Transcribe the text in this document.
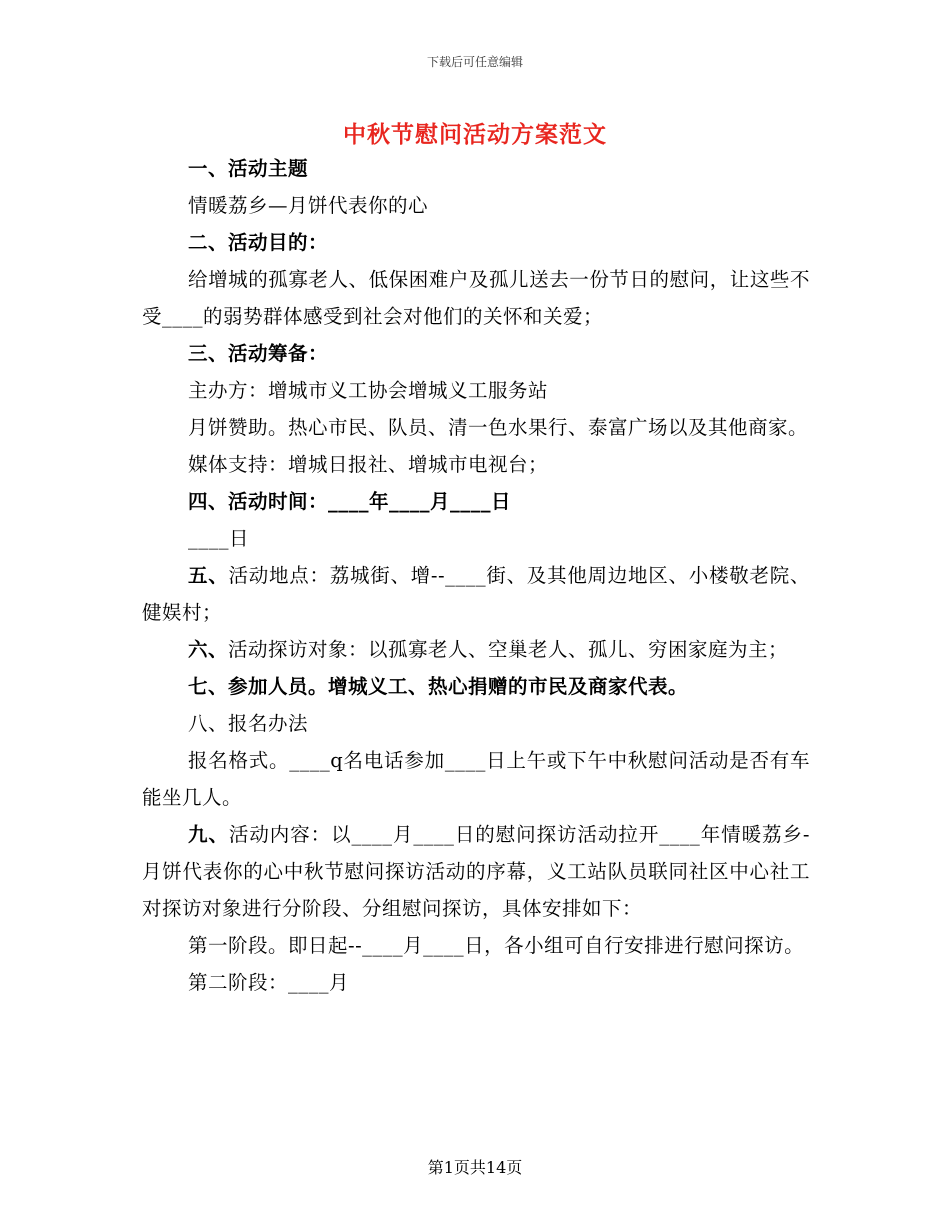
下载后可任意编辑
中秋节慰问活动方案范文

一、活动主题

情暖荔乡—月饼代表你的心

二、活动目的：

给增城的孤寡老人、低保困难户及孤儿送去一份节日的慰问，让这些不受____的弱势群体感受到社会对他们的关怀和关爱；

三、活动筹备：

主办方：增城市义工协会增城义工服务站

月饼赞助。热心市民、队员、清一色水果行、泰富广场以及其他商家。

媒体支持：增城日报社、增城市电视台；

四、活动时间：____年____月____日

____日

五、活动地点：荔城街、增--____街、及其他周边地区、小楼敬老院、健娱村；

六、活动探访对象：以孤寡老人、空巢老人、孤儿、穷困家庭为主；

七、参加人员。增城义工、热心捐赠的市民及商家代表。

八、报名办法

报名格式。____q名电话参加____日上午或下午中秋慰问活动是否有车能坐几人。

九、活动内容：以____月____日的慰问探访活动拉开____年情暖荔乡-月饼代表你的心中秋节慰问探访活动的序幕，义工站队员联同社区中心社工对探访对象进行分阶段、分组慰问探访，具体安排如下：

第一阶段。即日起--____月____日，各小组可自行安排进行慰问探访。

第二阶段：____月

第1页共14页
